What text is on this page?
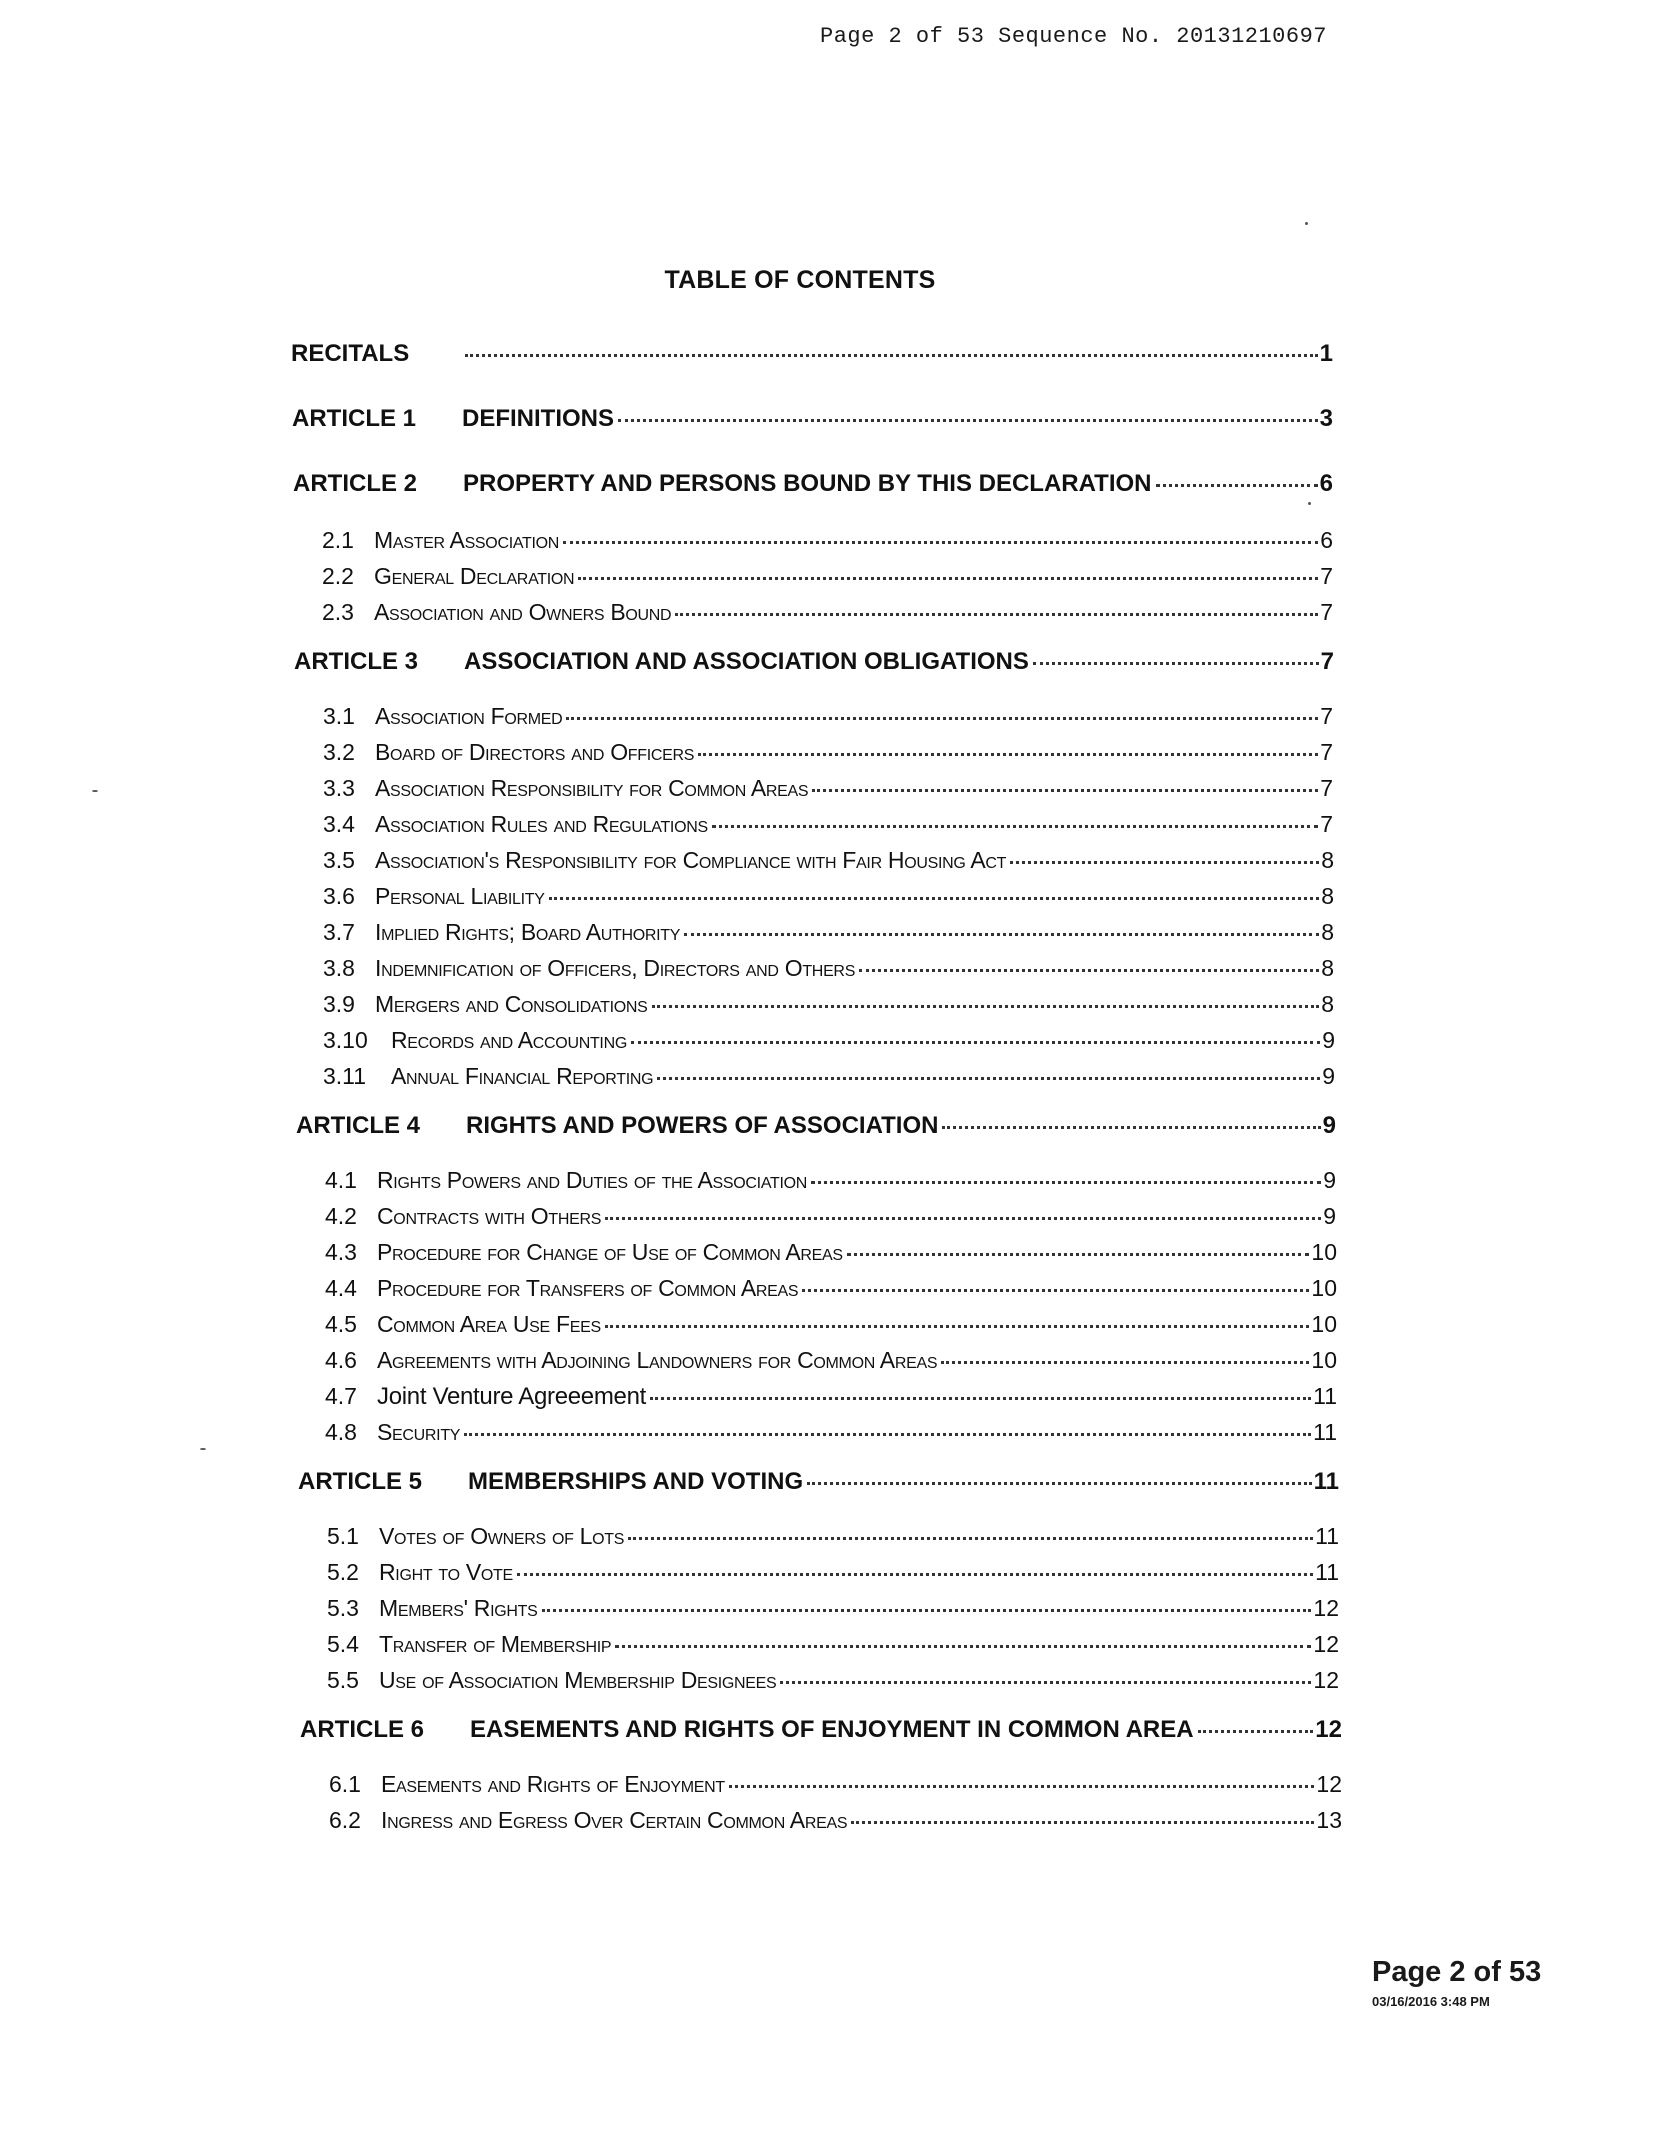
Page 2 of 53 Sequence No. 20131210697
TABLE OF CONTENTS
RECITALS	1
ARTICLE 1	DEFINITIONS	3
ARTICLE 2	PROPERTY AND PERSONS BOUND BY THIS DECLARATION	6
2.1 Master Association	6
2.2 General Declaration	7
2.3 Association and Owners Bound	7
ARTICLE 3	ASSOCIATION AND ASSOCIATION OBLIGATIONS	7
3.1 Association Formed	7
3.2 Board of Directors and Officers	7
3.3 Association Responsibility for Common Areas	7
3.4 Association Rules and Regulations	7
3.5 Association's Responsibility for Compliance with Fair Housing Act	8
3.6 Personal Liability	8
3.7 Implied Rights; Board Authority	8
3.8 Indemnification of Officers, Directors and Others	8
3.9 Mergers and Consolidations	8
3.10	Records and Accounting	9
3.11	Annual Financial Reporting	9
ARTICLE 4	RIGHTS AND POWERS OF ASSOCIATION	9
4.1 Rights Powers and Duties of the Association	9
4.2 Contracts with Others	9
4.3 Procedure for Change of Use of Common Areas	10
4.4 Procedure for Transfers of Common Areas	10
4.5 Common Area Use Fees	10
4.6 Agreements with Adjoining Landowners for Common Areas	10
4.7 Joint Venture Agreeement	11
4.8 Security	11
ARTICLE 5	MEMBERSHIPS AND VOTING	11
5.1 Votes of Owners of Lots	11
5.2 Right to Vote	11
5.3 Members' Rights	12
5.4 Transfer of Membership	12
5.5 Use of Association Membership Designees	12
ARTICLE 6	EASEMENTS AND RIGHTS OF ENJOYMENT IN COMMON AREA	12
6.1 Easements and Rights of Enjoyment	12
6.2 Ingress and Egress Over Certain Common Areas	13
Page 2 of 53
03/16/2016 3:48 PM
